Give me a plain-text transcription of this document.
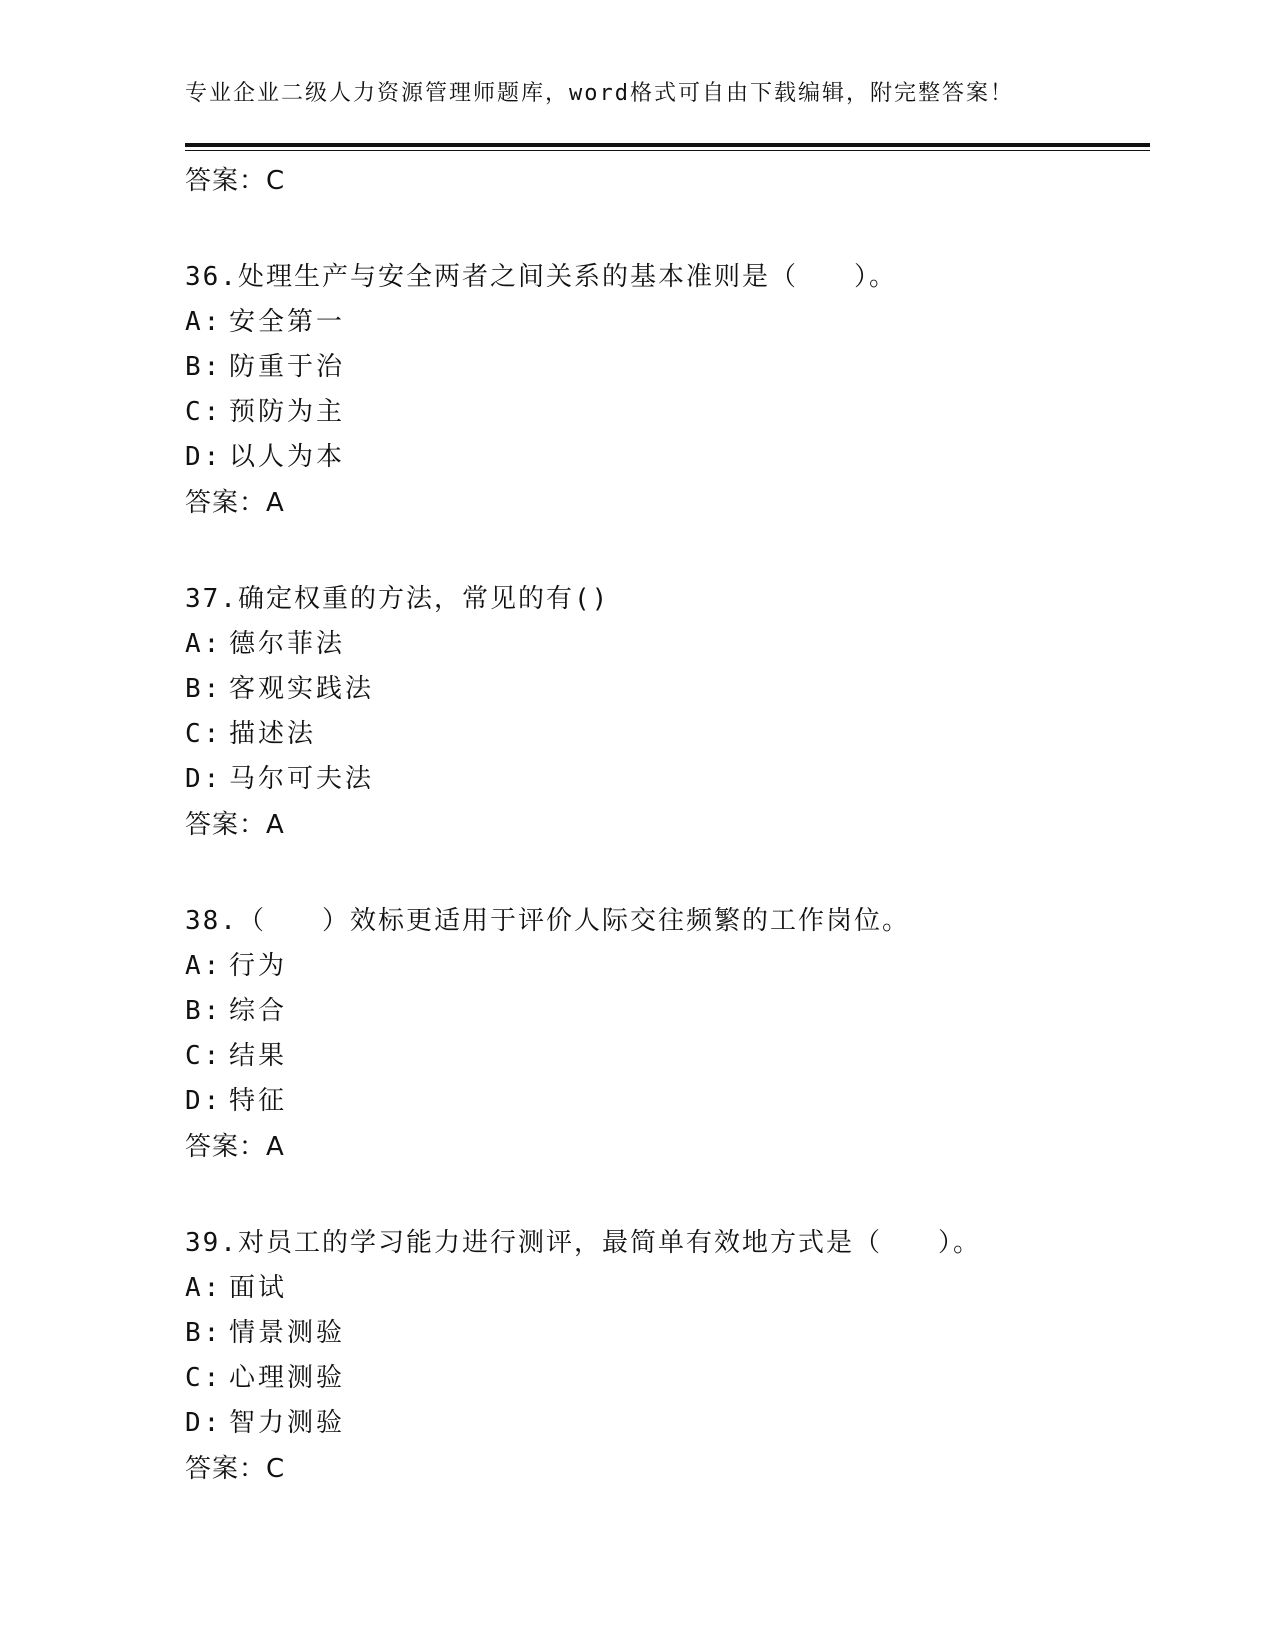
专业企业二级人力资源管理师题库，word格式可自由下载编辑，附完整答案！
答案：C
36.处理生产与安全两者之间关系的基本准则是（　　）。
A: 安全第一
B: 防重于治
C: 预防为主
D: 以人为本
答案：A
37.确定权重的方法，常见的有()
A: 德尔菲法
B: 客观实践法
C: 描述法
D: 马尔可夫法
答案：A
38.（　　）效标更适用于评价人际交往频繁的工作岗位。
A: 行为
B: 综合
C: 结果
D: 特征
答案：A
39.对员工的学习能力进行测评，最简单有效地方式是（　　）。
A: 面试
B: 情景测验
C: 心理测验
D: 智力测验
答案：C
